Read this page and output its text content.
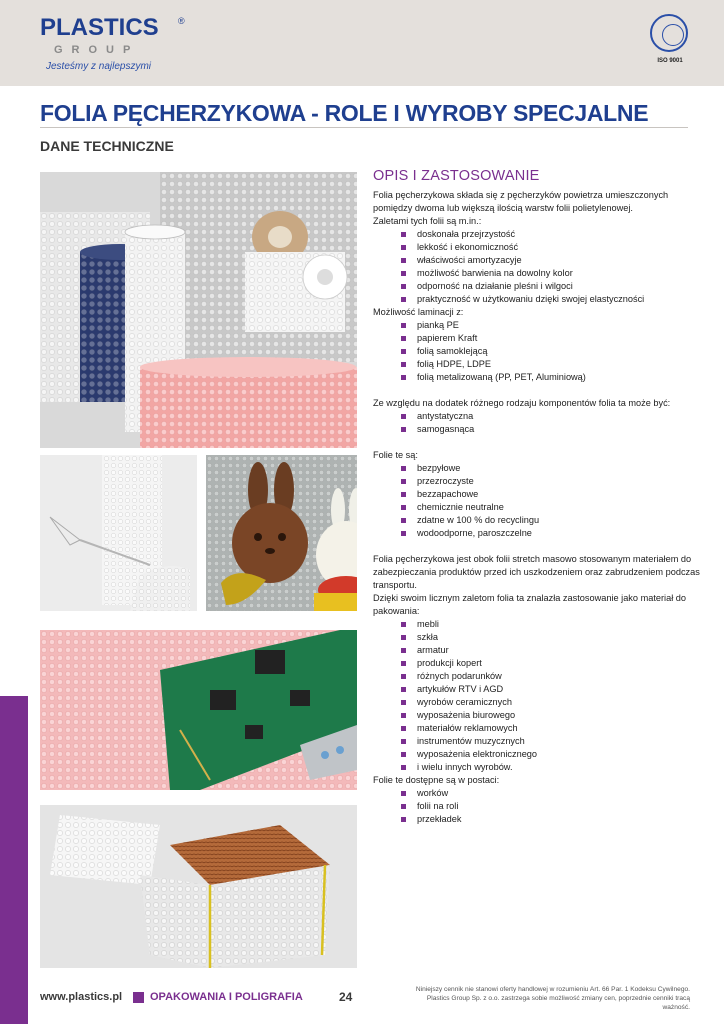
PLASTICS ®
GROUP
Jesteśmy z najlepszymi	ISO 9001
FOLIA PĘCHERZYKOWA - ROLE I WYROBY SPECJALNE
DANE TECHNICZNE
OPIS I ZASTOSOWANIE

Folia pęcherzykowa składa się z pęcherzyków powietrza umieszczonych pomiędzy dwoma lub większą ilością warstw folii polietylenowej.

Zaletami tych folii są m.in.:

doskonała przejrzystość
lekkość i ekonomiczność
właściwości amortyzacyje
możliwość barwienia na dowolny kolor
odporność na działanie pleśni i wilgoci
praktyczność w użytkowaniu dzięki swojej elastyczności

Możliwość laminacji z:

pianką PE
papierem Kraft
folią samoklejącą
folią HDPE, LDPE
folią metalizowaną (PP, PET, Aluminiową)

Ze względu na dodatek różnego rodzaju komponentów folia ta może być:

antystatyczna
samogasnąca

Folie te są:

bezpyłowe
przezroczyste
bezzapachowe
chemicznie neutralne
zdatne w 100 % do recyclingu
wodoodporne, paroszczelne

Folia pęcherzykowa jest obok folii stretch masowo stosowanym materiałem do zabezpieczania produktów przed ich uszkodzeniem oraz zabrudzeniem podczas transportu.

Dzięki swoim licznym zaletom folia ta znalazła zastosowanie jako materiał do pakowania:

mebli
szkła
armatur
produkcji kopert
różnych podarunków
artykułów RTV i AGD
wyrobów ceramicznych
wyposażenia biurowego
materiałów reklamowych
instrumentów muzycznych
wyposażenia elektronicznego
i wielu innych wyrobów.

Folie te dostępne są w postaci:

worków
folii na roli
przekładek
www.plastics.pl	OPAKOWANIA I POLIGRAFIA	24
Niniejszy cennik nie stanowi oferty handlowej w rozumieniu Art. 66 Par. 1 Kodeksu Cywilnego.
Plastics Group Sp. z o.o. zastrzega sobie możliwość zmiany cen, poprzednie cenniki tracą ważność.
